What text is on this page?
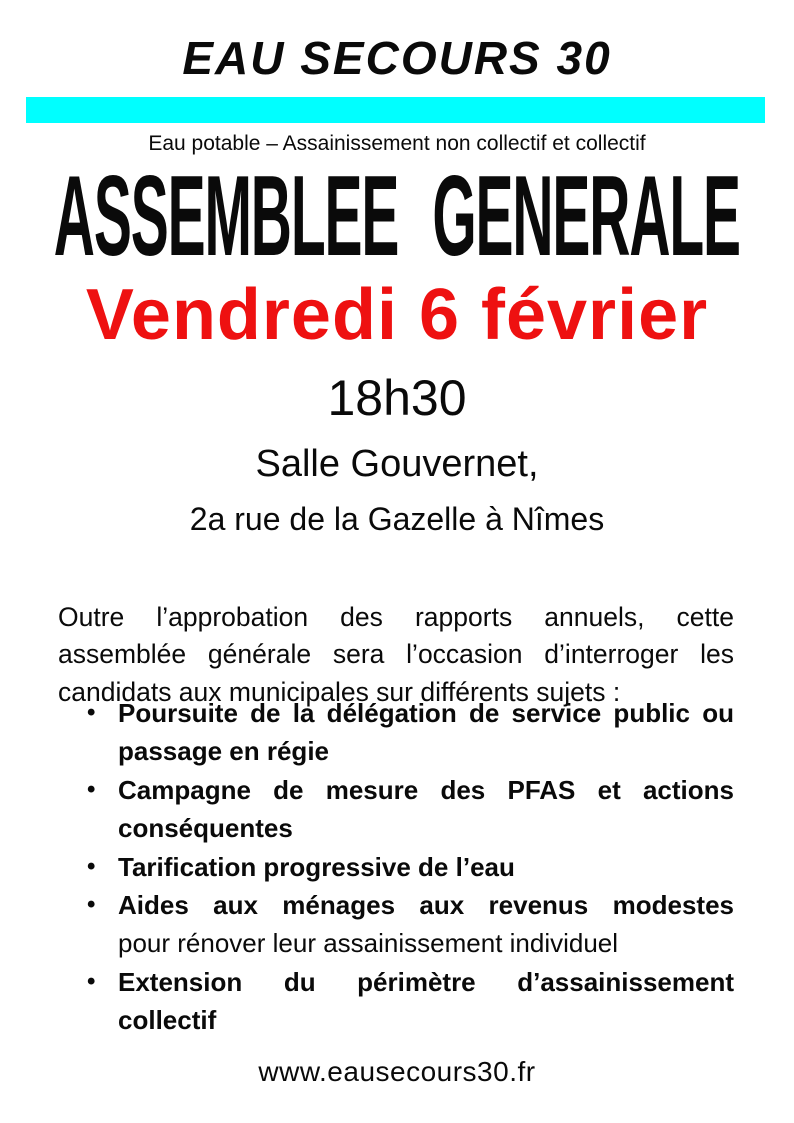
EAU SECOURS 30
Eau potable – Assainissement non collectif et collectif
ASSEMBLEE GENERALE
Vendredi 6 février
18h30
Salle Gouvernet,
2a rue de la Gazelle à Nîmes

Outre l’approbation des rapports annuels, cette assemblée générale sera l’occasion d’interroger les candidats aux municipales sur différents sujets :

• Poursuite de la délégation de service public ou passage en régie
• Campagne de mesure des PFAS et actions conséquentes
• Tarification progressive de l’eau
• Aides aux ménages aux revenus modestes
pour rénover leur assainissement individuel
• Extension du périmètre d’assainissement collectif
www.eausecours30.fr
